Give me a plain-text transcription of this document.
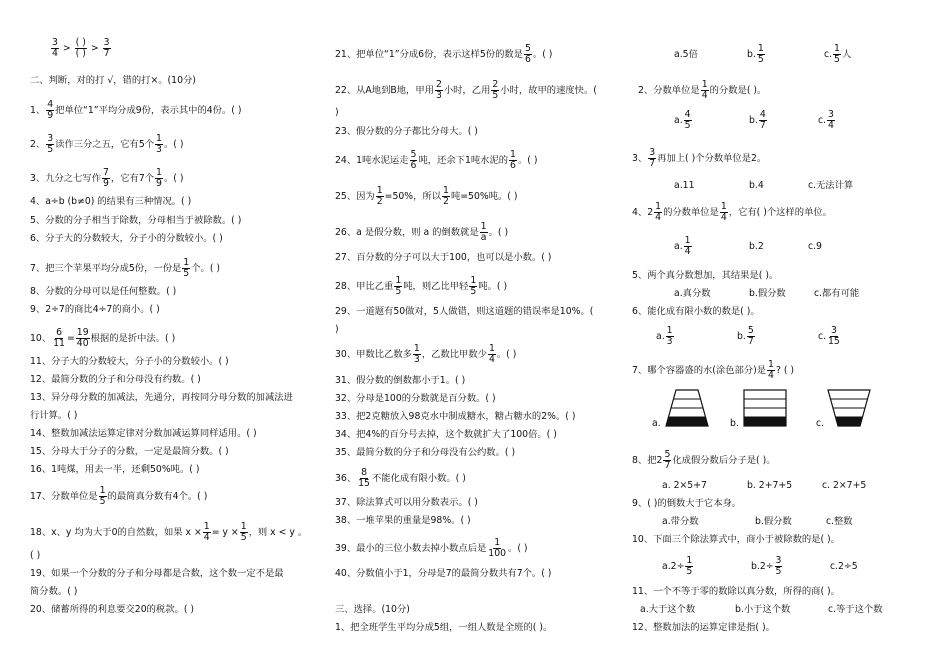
$\frac{3}{4} > \frac{( )}{( )} > \frac{3}{7}$
二、判断，对的打 √，错的打×。(10分)
1、 $\frac{4}{9}$ 把单位“1”平均分成9份，表示其中的4份。( )
2、 $\frac{3}{5}$ 读作三分之五，它有5个 $\frac{1}{3}$ 。( )
3、九分之七写作 $\frac{7}{9}$ ，它有7个 $\frac{1}{9}$ 。( )
4、a÷b (b≠0) 的结果有三种情况。( )
5、分数的分子相当于除数，分母相当于被除数。( )
6、分子大的分数较大，分子小的分数较小。( )
7、把三个苹果平均分成5份，一份是 $\frac{1}{5}$ 个。( )
8、分数的分母可以是任何整数。( )
9、2÷7的商比4÷7的商小。( )
10、 $\frac{6}{11} = \frac{19}{40}$ 根据的是折中法。( )
11、分子大的分数较大，分子小的分数较小。( )
12、最简分数的分子和分母没有约数。( )
13、异分母分数的加减法，先通分，再按同分母分数的加减法进
行计算。( )
14、整数加减法运算定律对分数加减运算同样适用。( )
15、分母大于分子的分数，一定是最简分数。( )
16、1吨煤，用去一半，还剩50%吨。( )
17、分数单位是 $\frac{1}{5}$ 的最简真分数有4个。( )
18、x、y 均为大于0的自然数，如果 $x \times \frac{1}{4} = y \times \frac{1}{5}$ ，则 x < y 。
( )
19、如果一个分数的分子和分母都是合数，这个数一定不是最
简分数。( )
20、储蓄所得的利息要交20的税款。( )
21、把单位“1”分成6份，表示这样5份的数是 $\frac{5}{6}$ 。( )
22、从A地到B地，甲用 $\frac{2}{3}$ 小时，乙用 $\frac{2}{5}$ 小时，故甲的速度快。(
)
23、假分数的分子都比分母大。( )
24、1吨水泥运走 $\frac{5}{6}$ 吨，还余下1吨水泥的 $\frac{1}{6}$ 。( )
25、因为 $\frac{1}{2} =50\%$，所以 $\frac{1}{2}$ 吨=50%吨。( )
26、a 是假分数，则 a 的倒数就是 $\frac{1}{a}$ 。( )
27、百分数的分子可以大于100，也可以是小数。( )
28、甲比乙重 $\frac{1}{5}$ 吨，则乙比甲轻 $\frac{1}{5}$ 吨。( )
29、一道题有50做对，5人做错，则这道题的错误率是10%。(
)
30、甲数比乙数多 $\frac{1}{3}$ ，乙数比甲数少 $\frac{1}{4}$ 。( )
31、假分数的倒数都小于1。( )
32、分母是100的分数就是百分数。( )
33、把2克糖放入98克水中制成糖水，糖占糖水的2%。( )
34、把4%的百分号去掉，这个数就扩大了100倍。( )
35、最简分数的分子和分母没有公约数。( )
36、 $\frac{8}{15}$ 不能化成有限小数。( )
37、除法算式可以用分数表示。( )
38、一堆苹果的重量是98%。( )
39、最小的三位小数去掉小数点后是 $\frac{1}{100}$ 。( )
40、分数值小于1，分母是7的最简分数共有7个。( )
三、选择。(10分)
1、把全班学生平均分成5组，一组人数是全班的( )。
a.5倍	b. $\frac{1}{5}$	c. $\frac{1}{5}$ 人
2、分数单位是 $\frac{1}{4}$ 的分数是( )。
a. $\frac{4}{5}$	b. $\frac{4}{7}$	c. $\frac{3}{4}$
3、 $\frac{3}{7}$ 再加上( )个分数单位是2。
a.11	b.4	c.无法计算
4、$2 \frac{1}{4}$ 的分数单位是 $\frac{1}{4}$ ，它有( )个这样的单位。
a. $\frac{1}{4}$	b.2	c.9
5、两个真分数想加，其结果是( )。
a.真分数	b.假分数	c.都有可能
6、能化成有限小数的数是( )。
a. $\frac{1}{3}$	b. $\frac{5}{7}$	c. $\frac{3}{15}$
7、哪个容器盛的水(涂色部分)是 $\frac{1}{4}$ ? ( )
a.	b.	c.
8、把$2 \frac{5}{7}$ 化成假分数后分子是( )。
a. 2×5+7	b. 2+7+5	c. 2×7+5
9、( )的倒数大于它本身。
a.带分数	b.假分数	c.整数
10、下面三个除法算式中，商小于被除数的是( )。
$a.2\div \frac{1}{5}$	$b.2\div \frac{3}{5}$	c.2÷5
11、一个不等于零的数除以真分数，所得的商( )。
a.大于这个数	b.小于这个数	c.等于这个数
12、整数加法的运算定律是指( )。
